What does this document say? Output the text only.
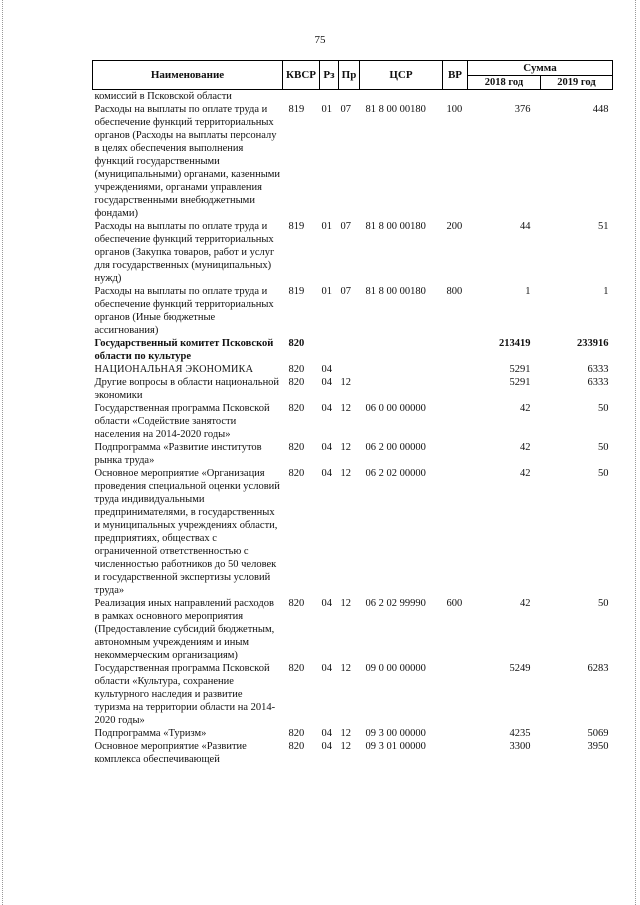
75
Наименование	КВСР	Рз	Пр	ЦСР	ВР	Сумма	
						2018 год	2019 год
комиссий в Псковской области							
Расходы на выплаты по оплате труда и обеспечение функций территориальных органов (Расходы на выплаты персоналу в целях обеспечения выполнения функций государственными (муниципальными) органами, казенными учреждениями, органами управления государственными внебюджетными фондами)	819	01	07	81 8 00 00180	100	376	448
Расходы на выплаты по оплате труда и обеспечение функций территориальных органов (Закупка товаров, работ и услуг для государственных (муниципальных) нужд)	819	01	07	81 8 00 00180	200	44	51
Расходы на выплаты по оплате труда и обеспечение функций территориальных органов (Иные бюджетные ассигнования)	819	01	07	81 8 00 00180	800	1	1
Государственный комитет Псковской области по культуре	820					213419	233916
НАЦИОНАЛЬНАЯ ЭКОНОМИКА	820	04				5291	6333
Другие вопросы в области национальной экономики	820	04	12			5291	6333
Государственная программа Псковской области «Содействие занятости населения на 2014-2020 годы»	820	04	12	06 0 00 00000		42	50
Подпрограмма «Развитие институтов рынка труда»	820	04	12	06 2 00 00000		42	50
Основное мероприятие «Организация проведения специальной оценки условий труда индивидуальными предпринимателями, в государственных и муниципальных учреждениях области, предприятиях, обществах с ограниченной ответственностью с численностью работников до 50 человек и государственной экспертизы условий труда»	820	04	12	06 2 02 00000		42	50
Реализация иных направлений расходов в рамках основного мероприятия (Предоставление субсидий бюджетным, автономным учреждениям и иным некоммерческим организациям)	820	04	12	06 2 02 99990	600	42	50
Государственная программа Псковской области «Культура, сохранение культурного наследия и развитие туризма на территории области на 2014-2020 годы»	820	04	12	09 0 00 00000		5249	6283
Подпрограмма «Туризм»	820	04	12	09 3 00 00000		4235	5069
Основное мероприятие «Развитие комплекса обеспечивающей	820	04	12	09 3 01 00000		3300	3950
